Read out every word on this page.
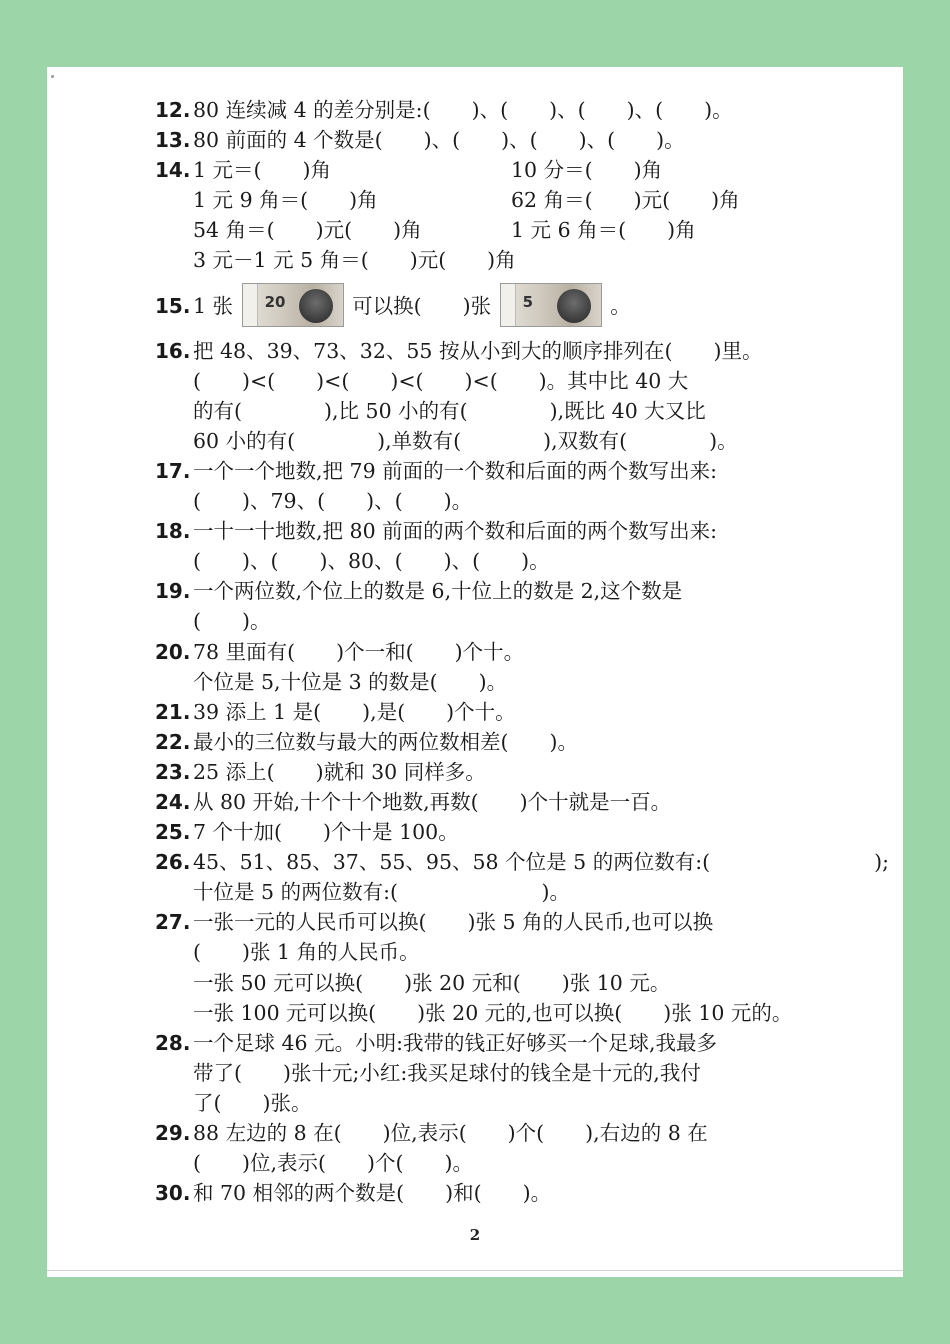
12. 80 连续减 4 的差分别是:(　　)、(　　)、(　　)、(　　)。
13. 80 前面的 4 个数是(　　)、(　　)、(　　)、(　　)。
14. 1 元＝(　　)角	10 分＝(　　)角
1 元 9 角＝(　　)角	62 角＝(　　)元(　　)角
54 角＝(　　)元(　　)角	1 元 6 角＝(　　)角
3 元－1 元 5 角＝(　　)元(　　)角
15. 1 张 20	可以换(　　)张 5	。
16. 把 48、39、73、32、55 按从小到大的顺序排列在(　　)里。
(　　)<(　　)<(　　)<(　　)<(　　)。其中比 40 大
的有(　　　　),比 50 小的有(　　　　),既比 40 大又比
60 小的有(　　　　),单数有(　　　　),双数有(　　　　)。
17. 一个一个地数,把 79 前面的一个数和后面的两个数写出来:
(　　)、79、(　　)、(　　)。
18. 一十一十地数,把 80 前面的两个数和后面的两个数写出来:
(　　)、(　　)、80、(　　)、(　　)。
19. 一个两位数,个位上的数是 6,十位上的数是 2,这个数是
(　　)。
20. 78 里面有(　　)个一和(　　)个十。
个位是 5,十位是 3 的数是(　　)。
21. 39 添上 1 是(　　),是(　　)个十。
22. 最小的三位数与最大的两位数相差(　　)。
23. 25 添上(　　)就和 30 同样多。
24. 从 80 开始,十个十个地数,再数(　　)个十就是一百。
25. 7 个十加(　　)个十是 100。
26. 45、51、85、37、55、95、58 个位是 5 的两位数有:(　　　　　　　　);
十位是 5 的两位数有:(　　　　　　　)。
27. 一张一元的人民币可以换(　　)张 5 角的人民币,也可以换
(　　)张 1 角的人民币。
一张 50 元可以换(　　)张 20 元和(　　)张 10 元。
一张 100 元可以换(　　)张 20 元的,也可以换(　　)张 10 元的。
28. 一个足球 46 元。小明:我带的钱正好够买一个足球,我最多
带了(　　)张十元;小红:我买足球付的钱全是十元的,我付
了(　　)张。
29. 88 左边的 8 在(　　)位,表示(　　)个(　　),右边的 8 在
(　　)位,表示(　　)个(　　)。
30. 和 70 相邻的两个数是(　　)和(　　)。
2
